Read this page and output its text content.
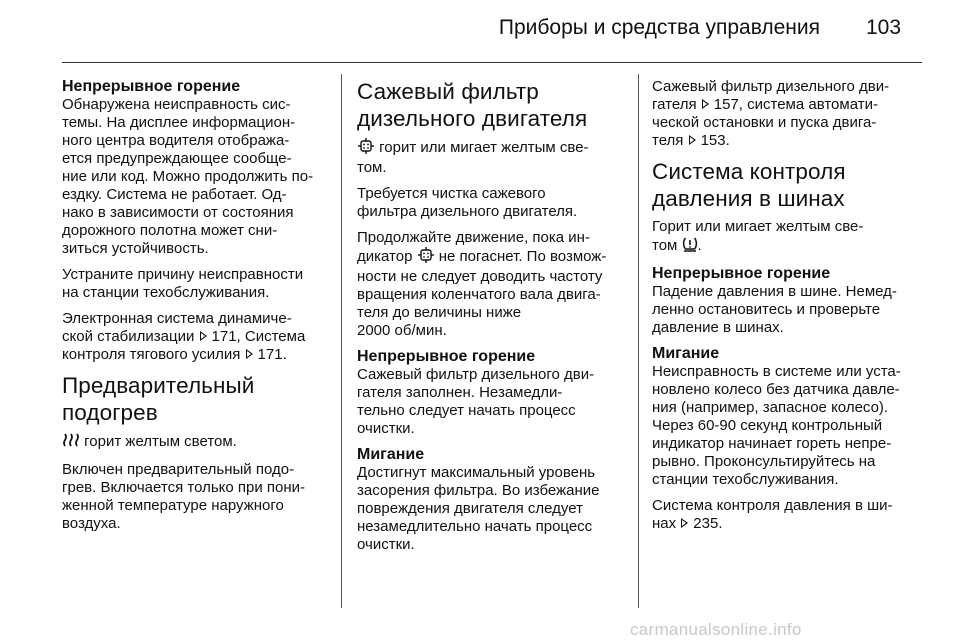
Приборы и средства управления 103
Непрерывное горение

Обнаружена неисправность сис-
темы. На дисплее информацион-
ного центра водителя отобража-
ется предупреждающее сообще-
ние или код. Можно продолжить по-
ездку. Система не работает. Од-
нако в зависимости от состояния
дорожного полотна может сни-
зиться устойчивость.

Устраните причину неисправности
на станции техобслуживания.

Электронная система динамиче-
ской стабилизации 171, Система
контроля тягового усилия 171.

Предварительный
подогрев

горит желтым светом.

Включен предварительный подо-
грев. Включается только при пони-
женной температуре наружного
воздуха.

Сажевый фильтр
дизельного двигателя

горит или мигает желтым све-
том.

Требуется чистка сажевого
фильтра дизельного двигателя.

Продолжайте движение, пока ин-
дикатор  не погаснет. По возмож-
ности не следует доводить частоту
вращения коленчатого вала двига-
теля до величины ниже
2000 об/мин.

Непрерывное горение

Сажевый фильтр дизельного дви-
гателя заполнен. Незамедли-
тельно следует начать процесс
очистки.

Мигание

Достигнут максимальный уровень
засорения фильтра. Во избежание
повреждения двигателя следует
незамедлительно начать процесс
очистки.

Сажевый фильтр дизельного дви-
гателя 157, система автомати-
ческой остановки и пуска двига-
теля 153.

Система контроля
давления в шинах

Горит или мигает желтым све-
том .

Непрерывное горение

Падение давления в шине. Немед-
ленно остановитесь и проверьте
давление в шинах.

Мигание

Неисправность в системе или уста-
новлено колесо без датчика давле-
ния (например, запасное колесо).
Через 60-90 секунд контрольный
индикатор начинает гореть непре-
рывно. Проконсультируйтесь на
станции техобслуживания.

Система контроля давления в ши-
нах 235.

carmanualsonline.info
